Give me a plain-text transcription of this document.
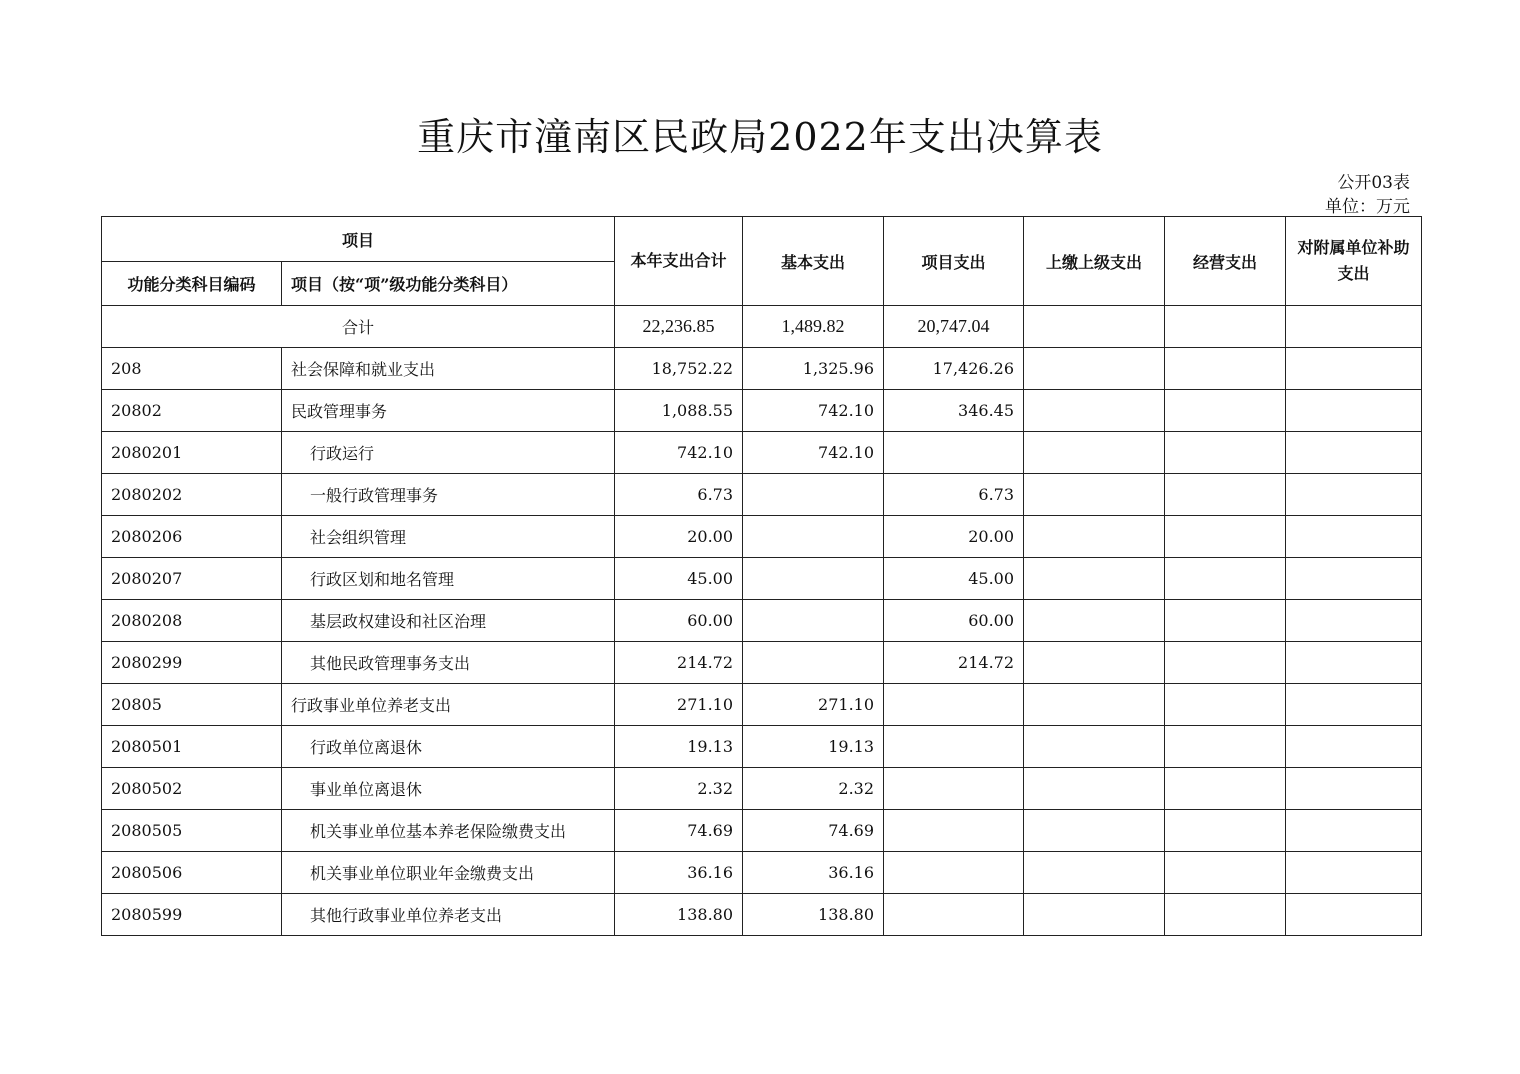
重庆市潼南区民政局2022年支出决算表
公开03表
单位：万元
项目		本年支出合计	基本支出	项目支出	上缴上级支出	经营支出	对附属单位补助支出
功能分类科目编码	项目（按“项”级功能分类科目）						
合计		22,236.85	1,489.82	20,747.04			
208	社会保障和就业支出	18,752.22	1,325.96	17,426.26			
20802	民政管理事务	1,088.55	742.10	346.45			
2080201	行政运行	742.10	742.10				
2080202	一般行政管理事务	6.73		6.73			
2080206	社会组织管理	20.00		20.00			
2080207	行政区划和地名管理	45.00		45.00			
2080208	基层政权建设和社区治理	60.00		60.00			
2080299	其他民政管理事务支出	214.72		214.72			
20805	行政事业单位养老支出	271.10	271.10				
2080501	行政单位离退休	19.13	19.13				
2080502	事业单位离退休	2.32	2.32				
2080505	机关事业单位基本养老保险缴费支出	74.69	74.69				
2080506	机关事业单位职业年金缴费支出	36.16	36.16				
2080599	其他行政事业单位养老支出	138.80	138.80				
